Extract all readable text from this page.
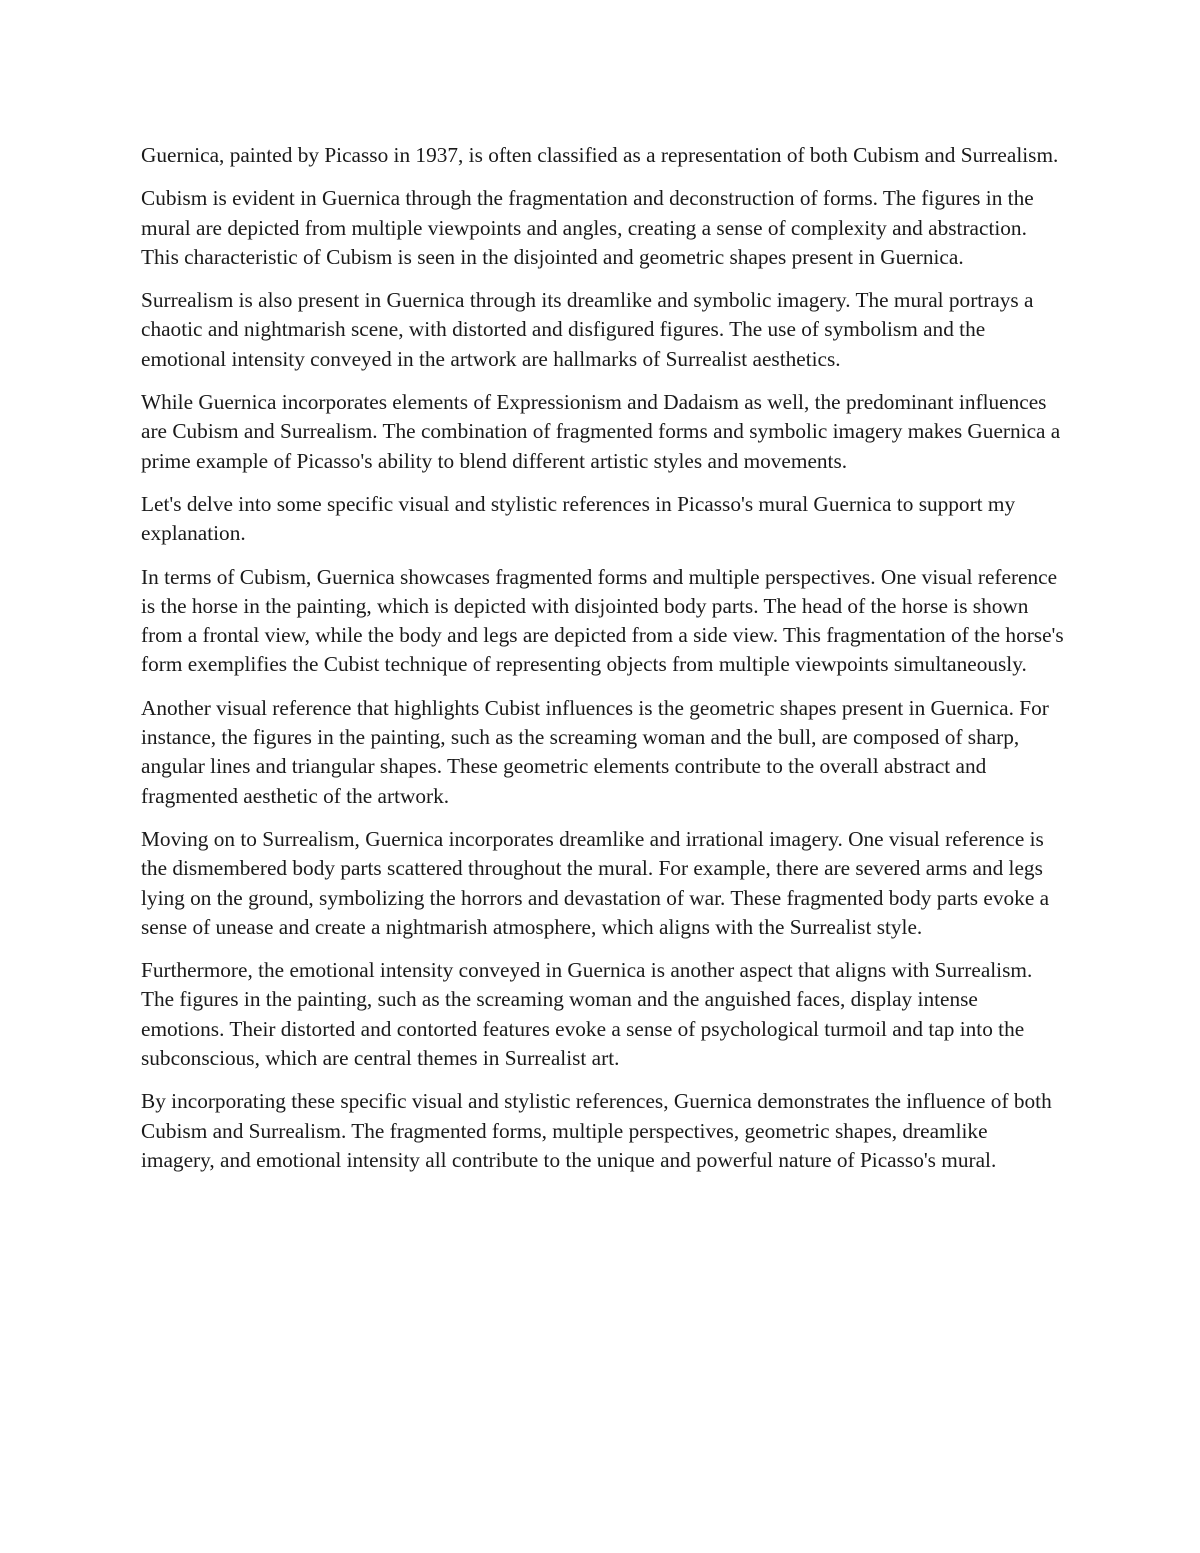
Guernica, painted by Picasso in 1937, is often classified as a representation of both Cubism and Surrealism.

Cubism is evident in Guernica through the fragmentation and deconstruction of forms. The figures in the mural are depicted from multiple viewpoints and angles, creating a sense of complexity and abstraction. This characteristic of Cubism is seen in the disjointed and geometric shapes present in Guernica.

Surrealism is also present in Guernica through its dreamlike and symbolic imagery. The mural portrays a chaotic and nightmarish scene, with distorted and disfigured figures. The use of symbolism and the emotional intensity conveyed in the artwork are hallmarks of Surrealist aesthetics.

While Guernica incorporates elements of Expressionism and Dadaism as well, the predominant influences are Cubism and Surrealism. The combination of fragmented forms and symbolic imagery makes Guernica a prime example of Picasso's ability to blend different artistic styles and movements.

Let's delve into some specific visual and stylistic references in Picasso's mural Guernica to support my explanation.

In terms of Cubism, Guernica showcases fragmented forms and multiple perspectives. One visual reference is the horse in the painting, which is depicted with disjointed body parts. The head of the horse is shown from a frontal view, while the body and legs are depicted from a side view. This fragmentation of the horse's form exemplifies the Cubist technique of representing objects from multiple viewpoints simultaneously.

Another visual reference that highlights Cubist influences is the geometric shapes present in Guernica. For instance, the figures in the painting, such as the screaming woman and the bull, are composed of sharp, angular lines and triangular shapes. These geometric elements contribute to the overall abstract and fragmented aesthetic of the artwork.

Moving on to Surrealism, Guernica incorporates dreamlike and irrational imagery. One visual reference is the dismembered body parts scattered throughout the mural. For example, there are severed arms and legs lying on the ground, symbolizing the horrors and devastation of war. These fragmented body parts evoke a sense of unease and create a nightmarish atmosphere, which aligns with the Surrealist style.

Furthermore, the emotional intensity conveyed in Guernica is another aspect that aligns with Surrealism. The figures in the painting, such as the screaming woman and the anguished faces, display intense emotions. Their distorted and contorted features evoke a sense of psychological turmoil and tap into the subconscious, which are central themes in Surrealist art.

By incorporating these specific visual and stylistic references, Guernica demonstrates the influence of both Cubism and Surrealism. The fragmented forms, multiple perspectives, geometric shapes, dreamlike imagery, and emotional intensity all contribute to the unique and powerful nature of Picasso's mural.
